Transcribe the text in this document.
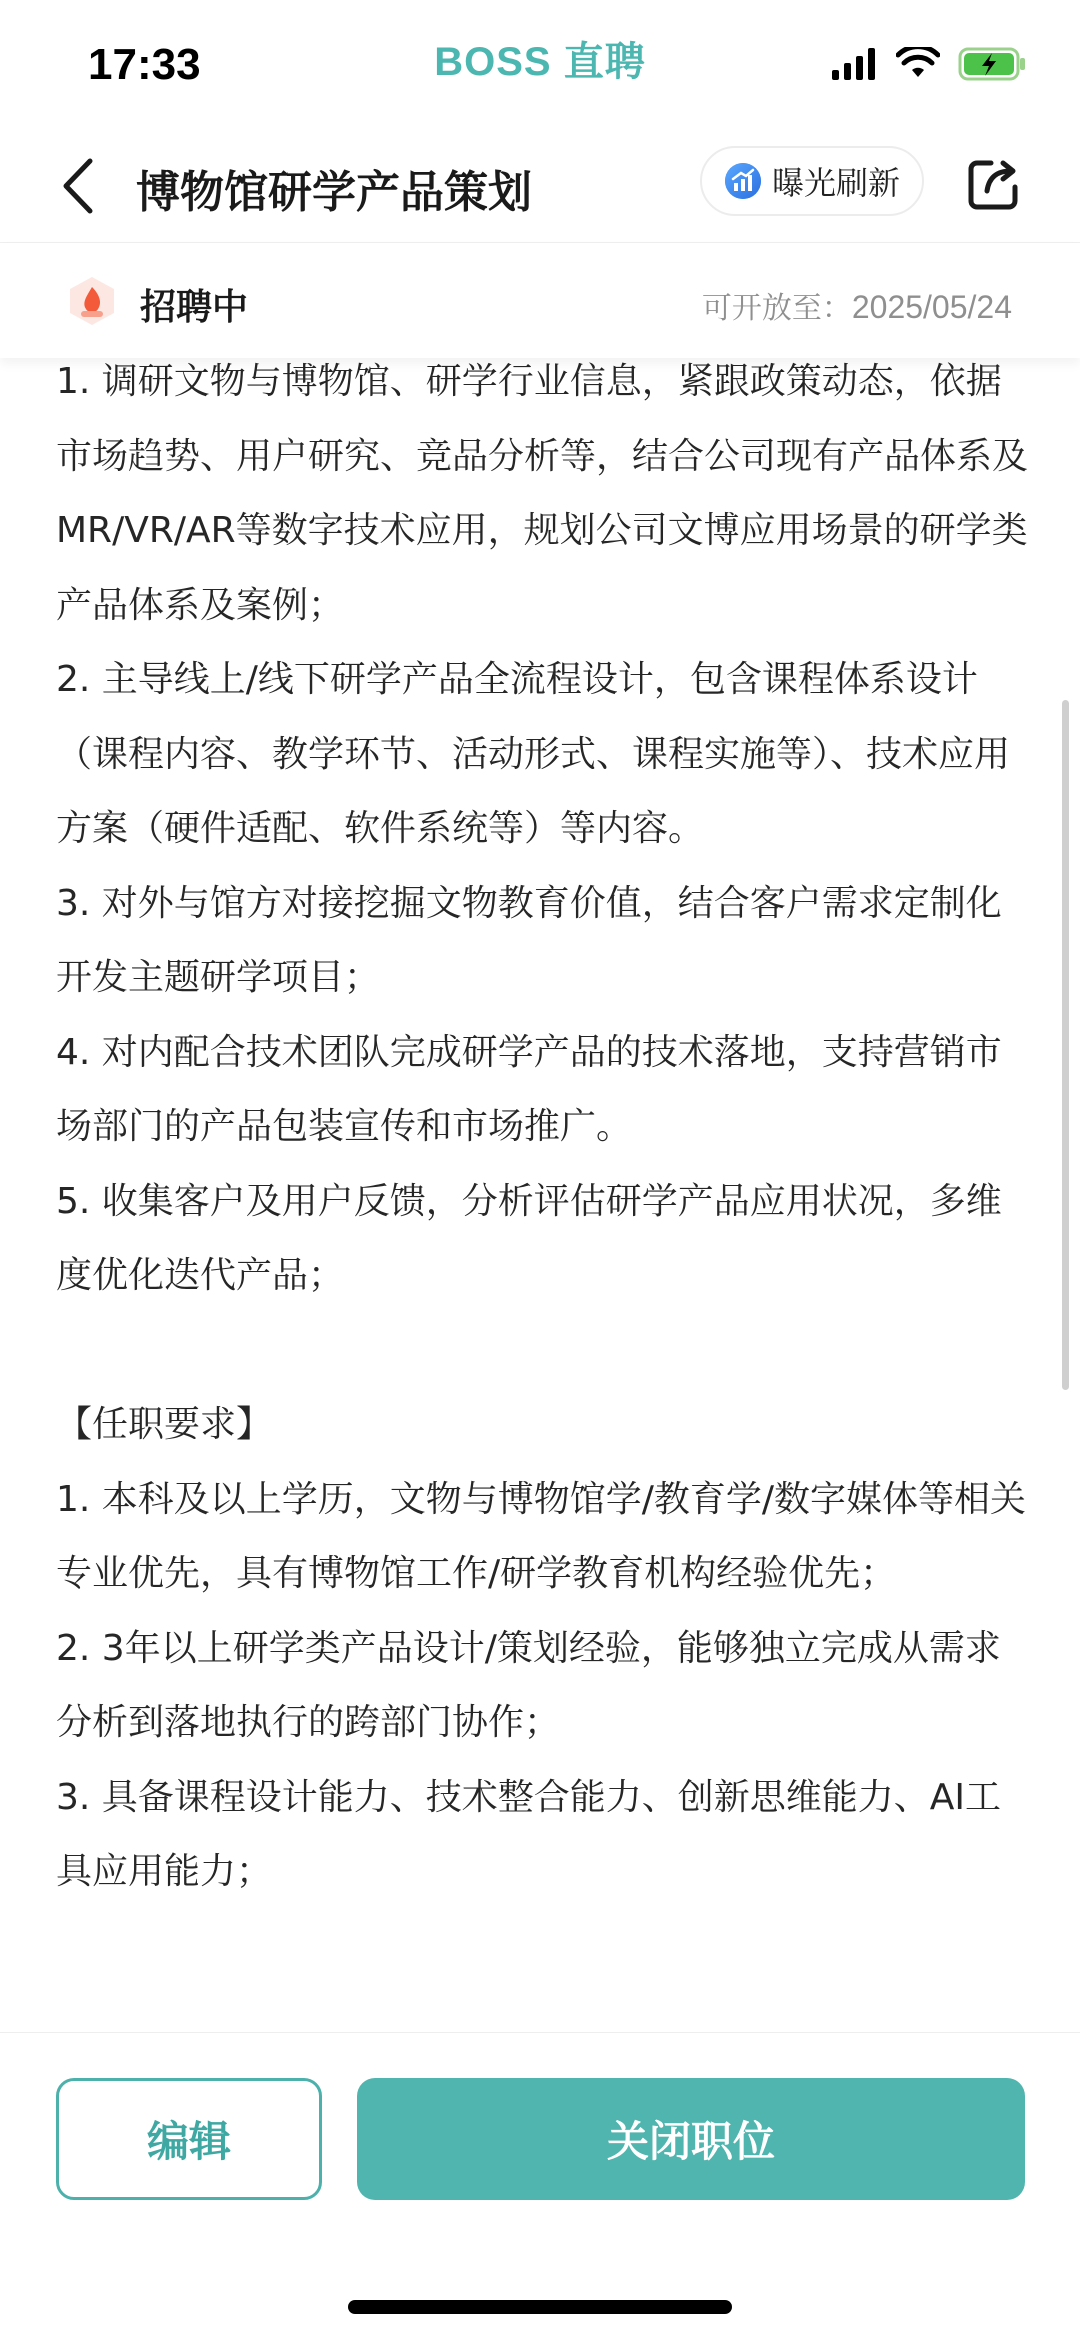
17:33	BOSS 直聘
博物馆研学产品策划	曝光刷新
招聘中	可开放至：2025/05/24

1. 调研文物与博物馆、研学行业信息，紧跟政策动态，依据市场趋势、用户研究、竞品分析等，结合公司现有产品体系及MR/VR/AR等数字技术应用，规划公司文博应用场景的研学类产品体系及案例；

2. 主导线上/线下研学产品全流程设计，包含课程体系设计（课程内容、教学环节、活动形式、课程实施等）、技术应用方案（硬件适配、软件系统等）等内容。

3. 对外与馆方对接挖掘文物教育价值，结合客户需求定制化开发主题研学项目；

4. 对内配合技术团队完成研学产品的技术落地，支持营销市场部门的产品包装宣传和市场推广。

5. 收集客户及用户反馈，分析评估研学产品应用状况，多维度优化迭代产品；

【任职要求】

1. 本科及以上学历，文物与博物馆学/教育学/数字媒体等相关专业优先，具有博物馆工作/研学教育机构经验优先；

2. 3年以上研学类产品设计/策划经验，能够独立完成从需求分析到落地执行的跨部门协作；

3. 具备课程设计能力、技术整合能力、创新思维能力、AI工具应用能力；

编辑	关闭职位
